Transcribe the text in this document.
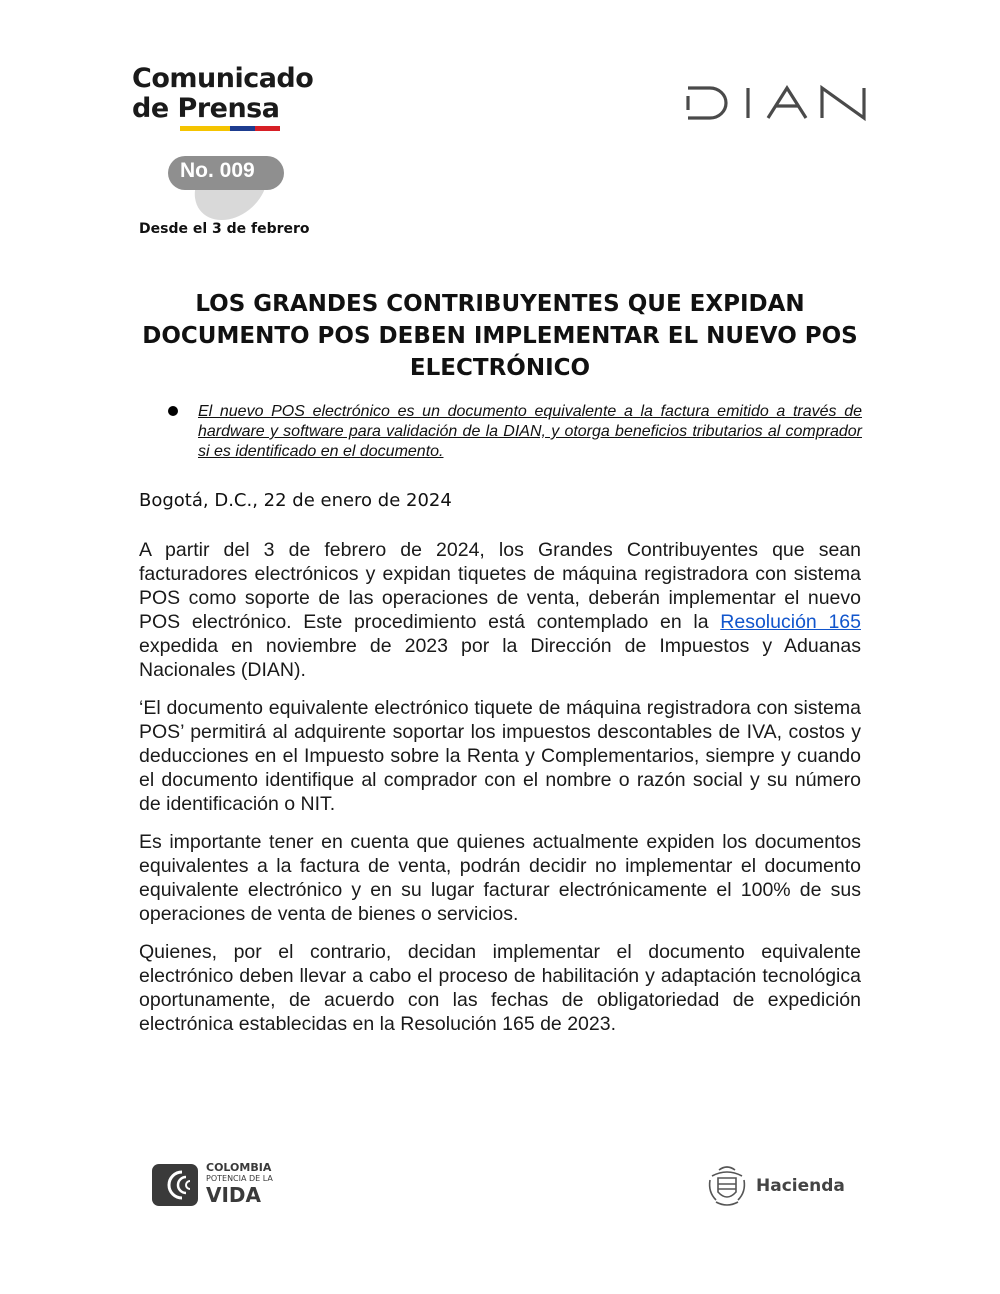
Comunicado
de Prensa
No. 009
Desde el 3 de febrero
LOS GRANDES CONTRIBUYENTES QUE EXPIDAN DOCUMENTO POS DEBEN IMPLEMENTAR EL NUEVO POS ELECTRÓNICO
El nuevo POS electrónico es un documento equivalente a la factura emitido a través de hardware y software para validación de la DIAN, y otorga beneficios tributarios al comprador si es identificado en el documento.
Bogotá, D.C., 22 de enero de 2024

A partir del 3 de febrero de 2024, los Grandes Contribuyentes que sean facturadores electrónicos y expidan tiquetes de máquina registradora con sistema POS como soporte de las operaciones de venta, deberán implementar el nuevo POS electrónico. Este procedimiento está contemplado en la Resolución 165 expedida en noviembre de 2023 por la Dirección de Impuestos y Aduanas Nacionales (DIAN).

‘El documento equivalente electrónico tiquete de máquina registradora con sistema POS’ permitirá al adquirente soportar los impuestos descontables de IVA, costos y deducciones en el Impuesto sobre la Renta y Complementarios, siempre y cuando el documento identifique al comprador con el nombre o razón social y su número de identificación o NIT.

Es importante tener en cuenta que quienes actualmente expiden los documentos equivalentes a la factura de venta, podrán decidir no implementar el documento equivalente electrónico y en su lugar facturar electrónicamente el 100% de sus operaciones de venta de bienes o servicios.

Quienes, por el contrario, decidan implementar el documento equivalente electrónico deben llevar a cabo el proceso de habilitación y adaptación tecnológica oportunamente, de acuerdo con las fechas de obligatoriedad de expedición electrónica establecidas en la Resolución 165 de 2023.

COLOMBIA
POTENCIA DE LA
VIDA	Hacienda
